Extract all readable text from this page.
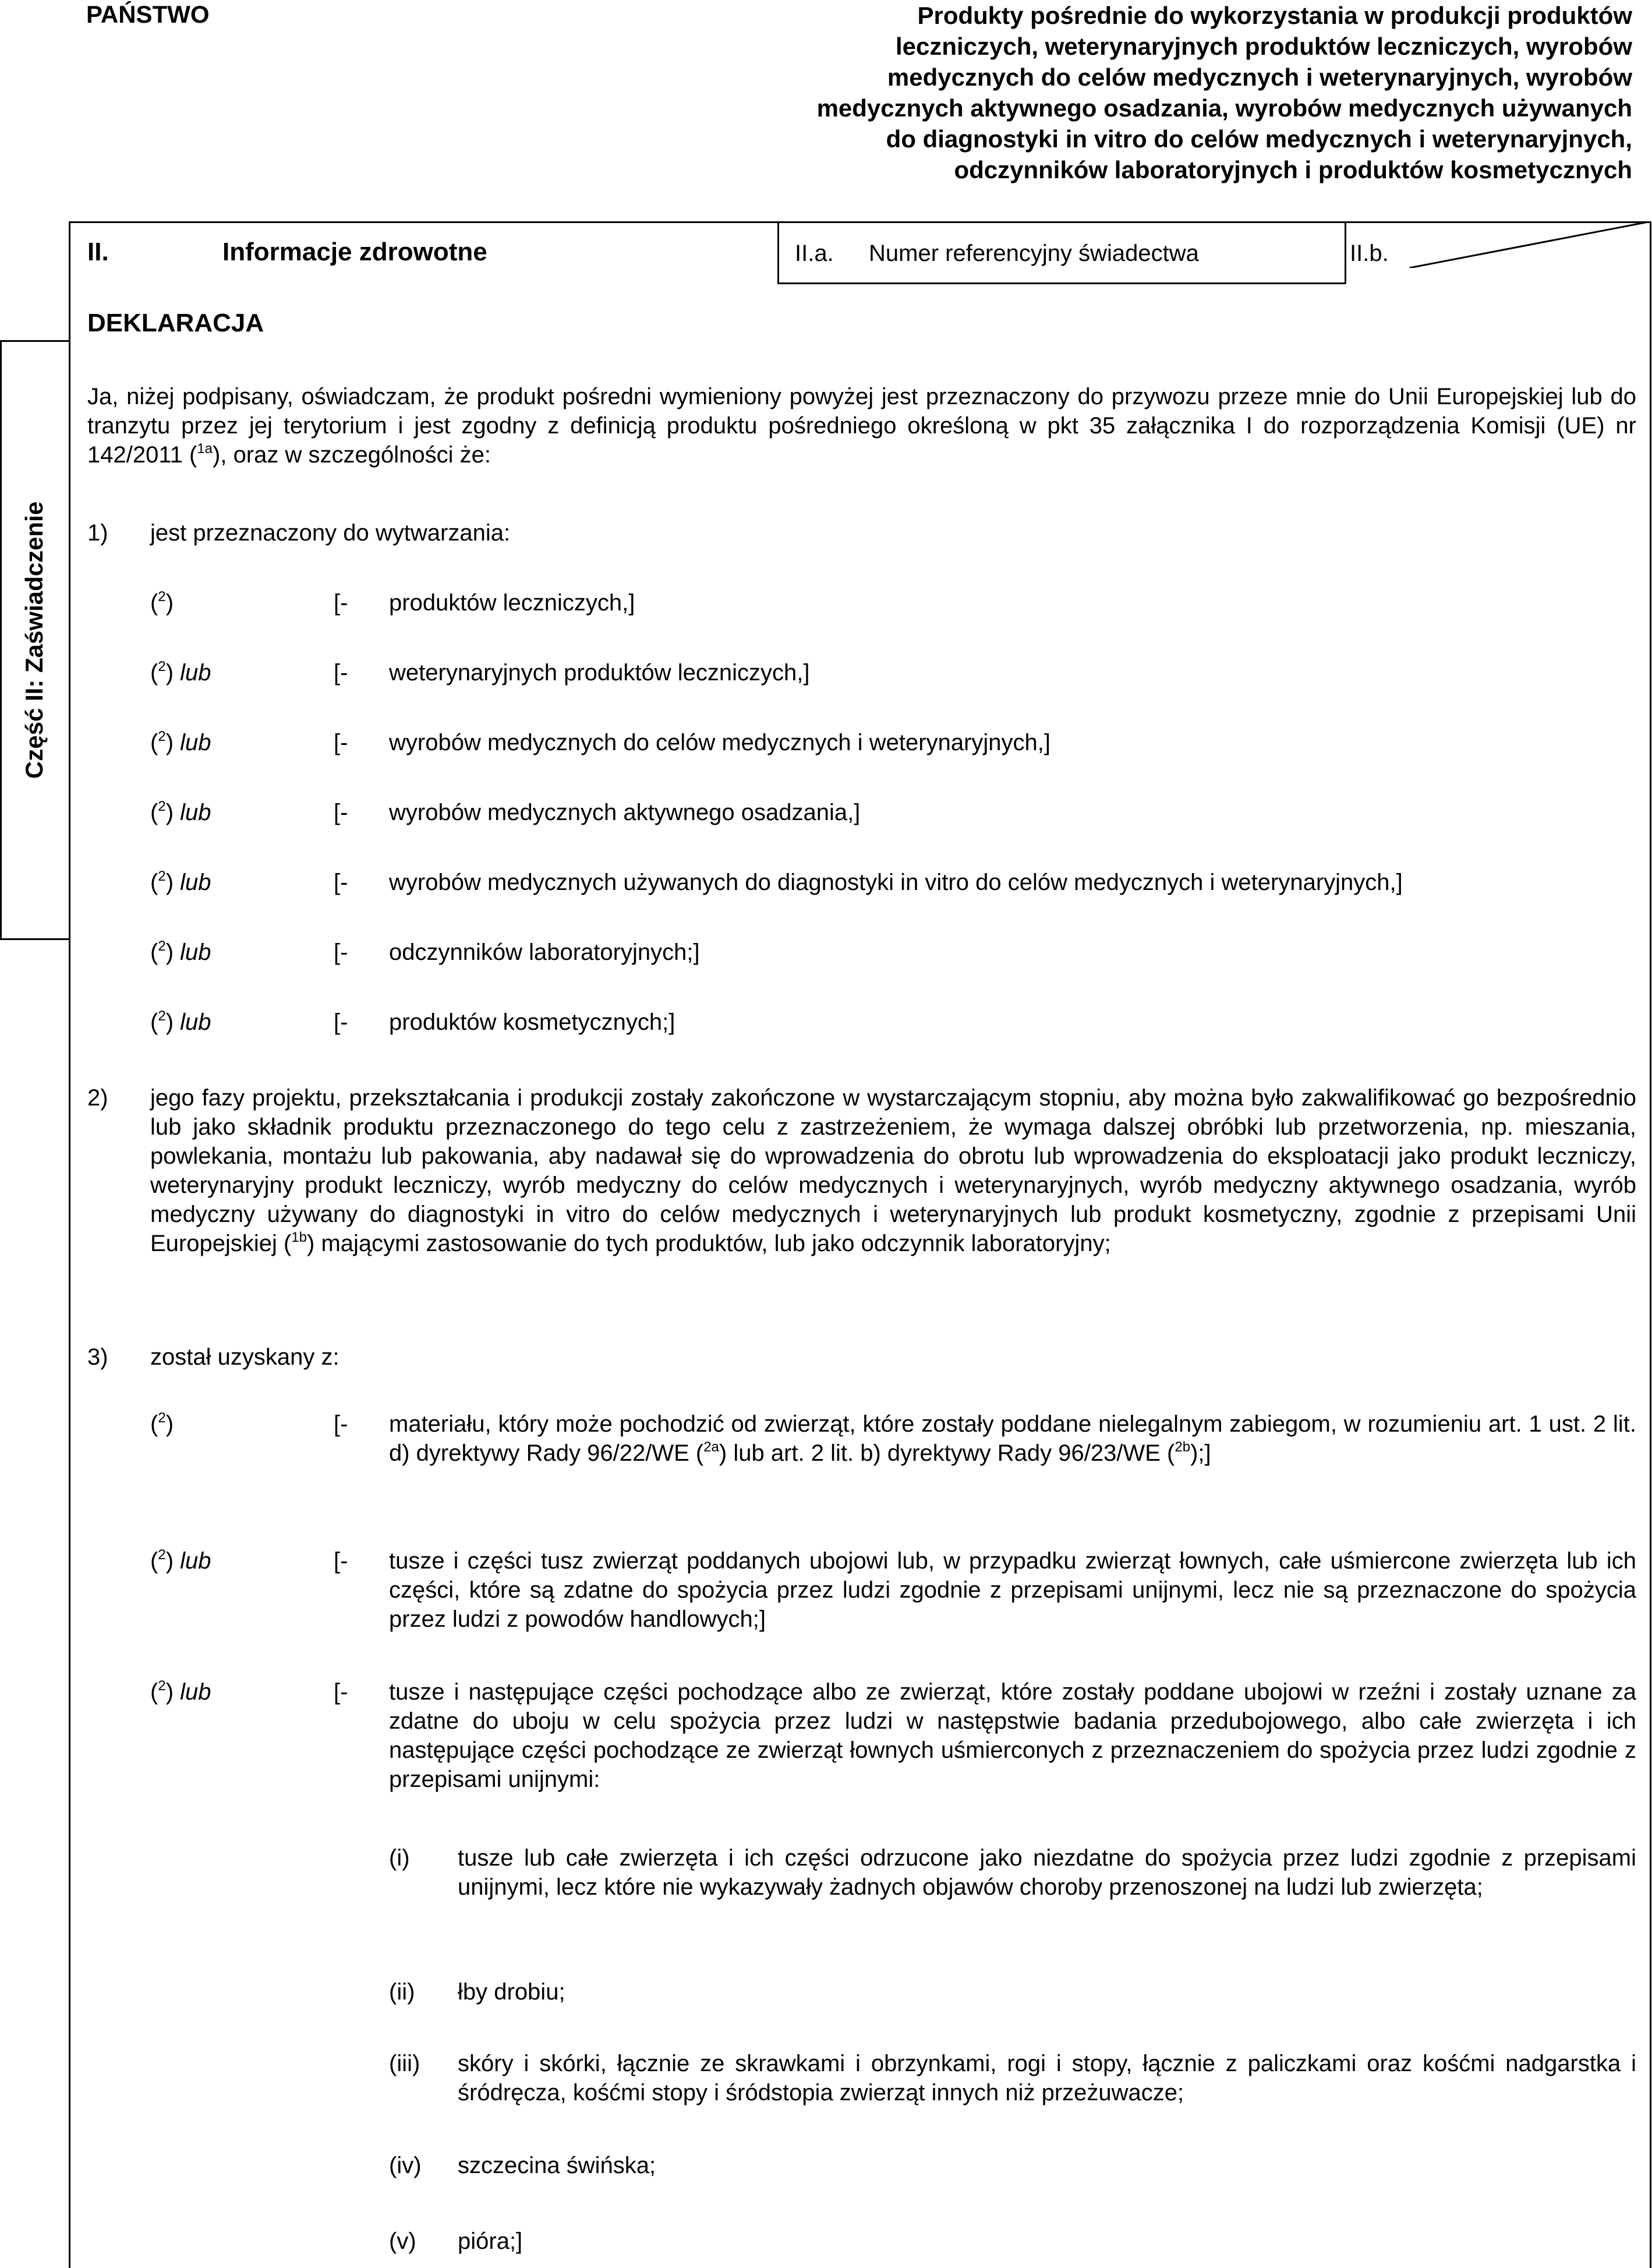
PAŃSTWO	Produkty pośrednie do wykorzystania w produkcji produktów leczniczych, weterynaryjnych produktów leczniczych, wyrobów medycznych do celów medycznych i weterynaryjnych, wyrobów medycznych aktywnego osadzania, wyrobów medycznych używanych do diagnostyki in vitro do celów medycznych i weterynaryjnych, odczynników laboratoryjnych i produktów kosmetycznych
II.	Informacje zdrowotne	II.a. Numer referencyjny świadectwa	II.b.
Część II: Zaświadczenie
DEKLARACJA
Ja, niżej podpisany, oświadczam, że produkt pośredni wymieniony powyżej jest przeznaczony do przywozu przeze mnie do Unii Europejskiej lub do tranzytu przez jej terytorium i jest zgodny z definicją produktu pośredniego określoną w pkt 35 załącznika I do rozporządzenia Komisji (UE) nr 142/2011 ($^{1a}$), oraz w szczególności że:
1) jest przeznaczony do wytwarzania:
($^2$)	[- produktów leczniczych,]
($^2$) lub	[- weterynaryjnych produktów leczniczych,]
($^2$) lub	[- wyrobów medycznych do celów medycznych i weterynaryjnych,]
($^2$) lub	[- wyrobów medycznych aktywnego osadzania,]
($^2$) lub	[- wyrobów medycznych używanych do diagnostyki in vitro do celów medycznych i weterynaryjnych,]
($^2$) lub	[- odczynników laboratoryjnych;]
($^2$) lub	[- produktów kosmetycznych;]
2) jego fazy projektu, przekształcania i produkcji zostały zakończone w wystarczającym stopniu, aby można było zakwalifikować go bezpośrednio lub jako składnik produktu przeznaczonego do tego celu z zastrzeżeniem, że wymaga dalszej obróbki lub przetworzenia, np. mieszania, powlekania, montażu lub pakowania, aby nadawał się do wprowadzenia do obrotu lub wprowadzenia do eksploatacji jako produkt leczniczy, weterynaryjny produkt leczniczy, wyrób medyczny do celów medycznych i weterynaryjnych, wyrób medyczny aktywnego osadzania, wyrób medyczny używany do diagnostyki in vitro do celów medycznych i weterynaryjnych lub produkt kosmetyczny, zgodnie z przepisami Unii Europejskiej ($^{1b}$) mającymi zastosowanie do tych produktów, lub jako odczynnik laboratoryjny;
3) został uzyskany z:
($^2$)	[- materiału, który może pochodzić od zwierząt, które zostały poddane nielegalnym zabiegom, w rozumieniu art. 1 ust. 2 lit. d) dyrektywy Rady 96/22/WE ($^{2a}$) lub art. 2 lit. b) dyrektywy Rady 96/23/WE ($^{2b}$);]
($^2$) lub	[- tusze i części tusz zwierząt poddanych ubojowi lub, w przypadku zwierząt łownych, całe uśmiercone zwierzęta lub ich części, które są zdatne do spożycia przez ludzi zgodnie z przepisami unijnymi, lecz nie są przeznaczone do spożycia przez ludzi z powodów handlowych;]
($^2$) lub	[- tusze i następujące części pochodzące albo ze zwierząt, które zostały poddane ubojowi w rzeźni i zostały uznane za zdatne do uboju w celu spożycia przez ludzi w następstwie badania przedubojowego, albo całe zwierzęta i ich następujące części pochodzące ze zwierząt łownych uśmierconych z przeznaczeniem do spożycia przez ludzi zgodnie z przepisami unijnymi:
(i) tusze lub całe zwierzęta i ich części odrzucone jako niezdatne do spożycia przez ludzi zgodnie z przepisami unijnymi, lecz które nie wykazywały żadnych objawów choroby przenoszonej na ludzi lub zwierzęta;
(ii) łby drobiu;
(iii) skóry i skórki, łącznie ze skrawkami i obrzynkami, rogi i stopy, łącznie z paliczkami oraz kośćmi nadgarstka i śródręcza, kośćmi stopy i śródstopia zwierząt innych niż przeżuwacze;
(iv) szczecina świńska;
(v) pióra;]
